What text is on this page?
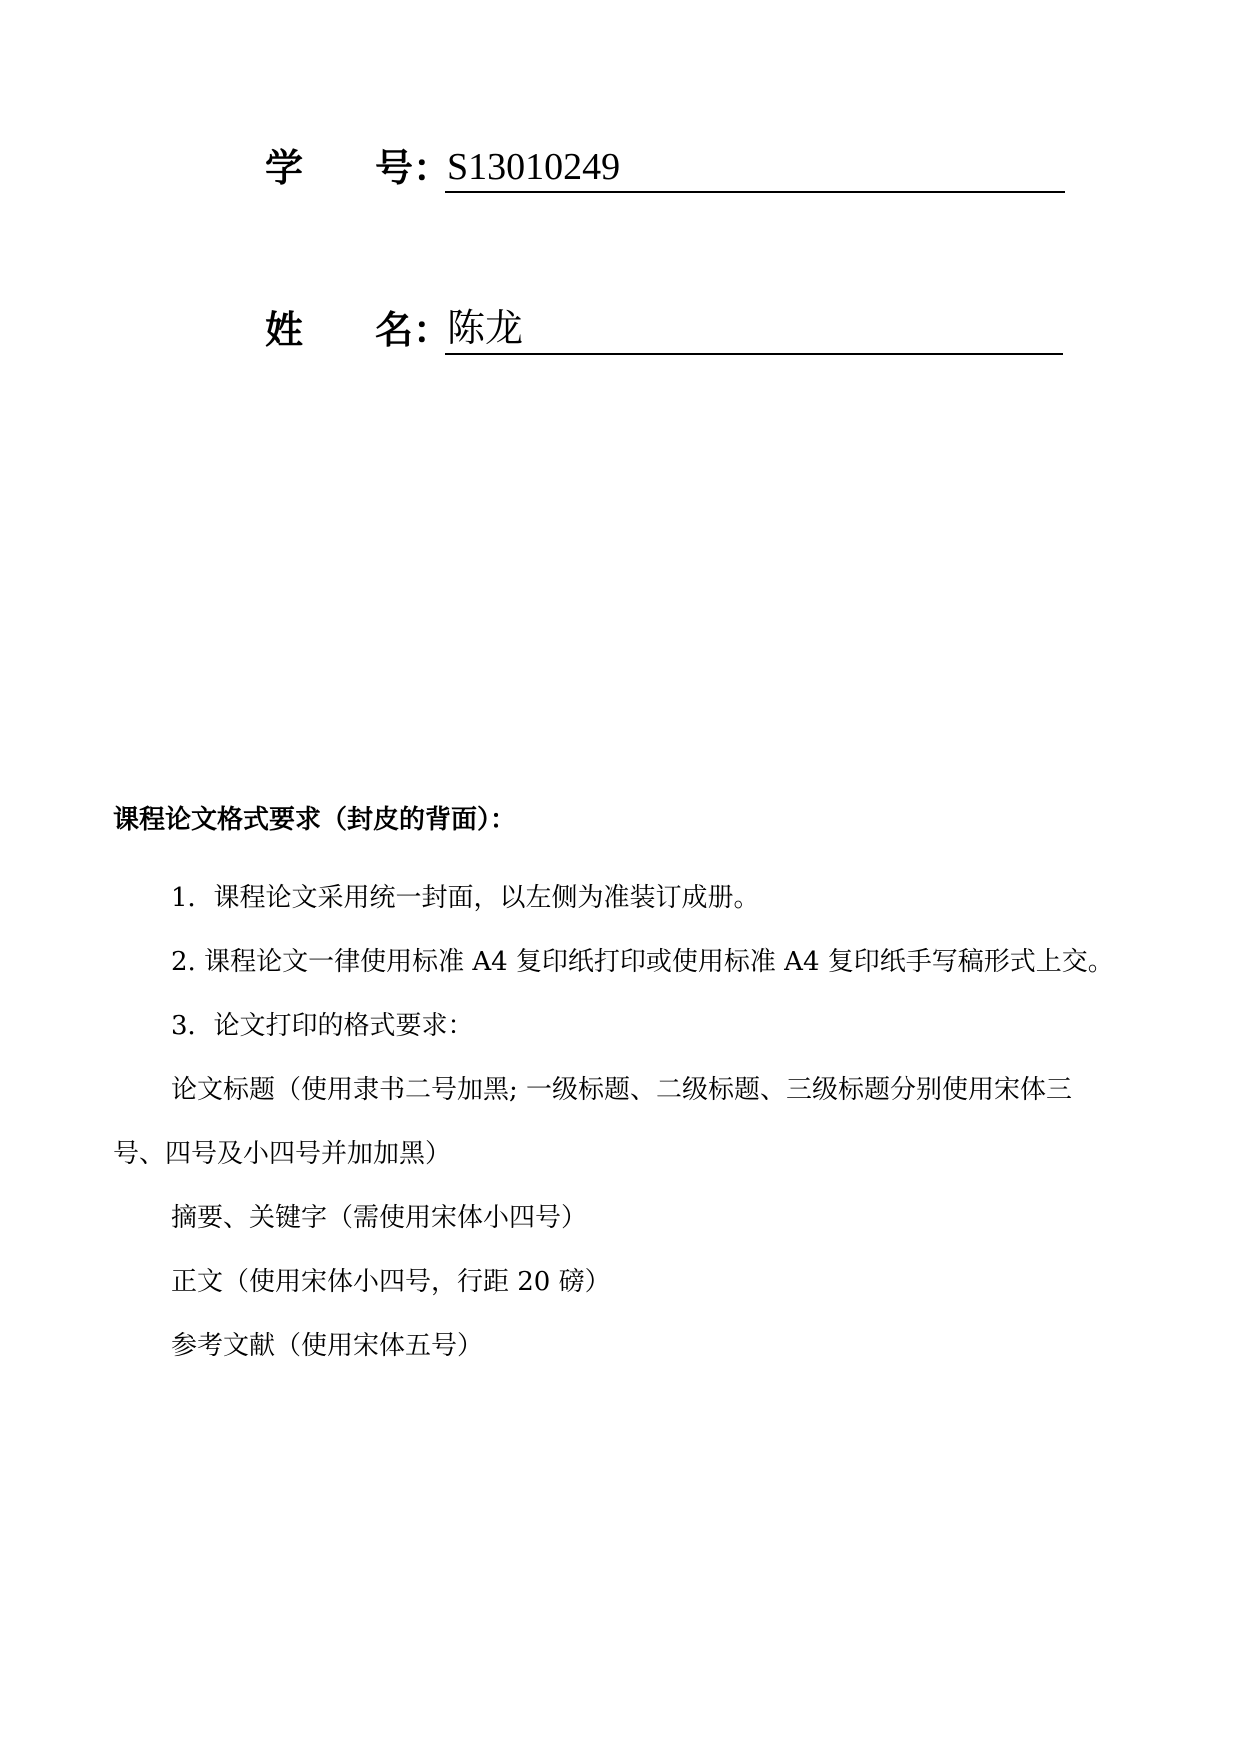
学	号 ：
S13010249
姓	名 ：
陈龙
课程论文格式要求（封皮的背面）：

1．课程论文采用统一封面，以左侧为准装订成册。

2. 课程论文一律使用标准 A4 复印纸打印或使用标准 A4 复印纸手写稿形式上交。

3．论文打印的格式要求：

论文标题（使用隶书二号加黑; 一级标题、二级标题、三级标题分别使用宋体三号、四号及小四号并加加黑）

摘要、关键字（需使用宋体小四号）

正文（使用宋体小四号，行距 20 磅）

参考文献（使用宋体五号）
